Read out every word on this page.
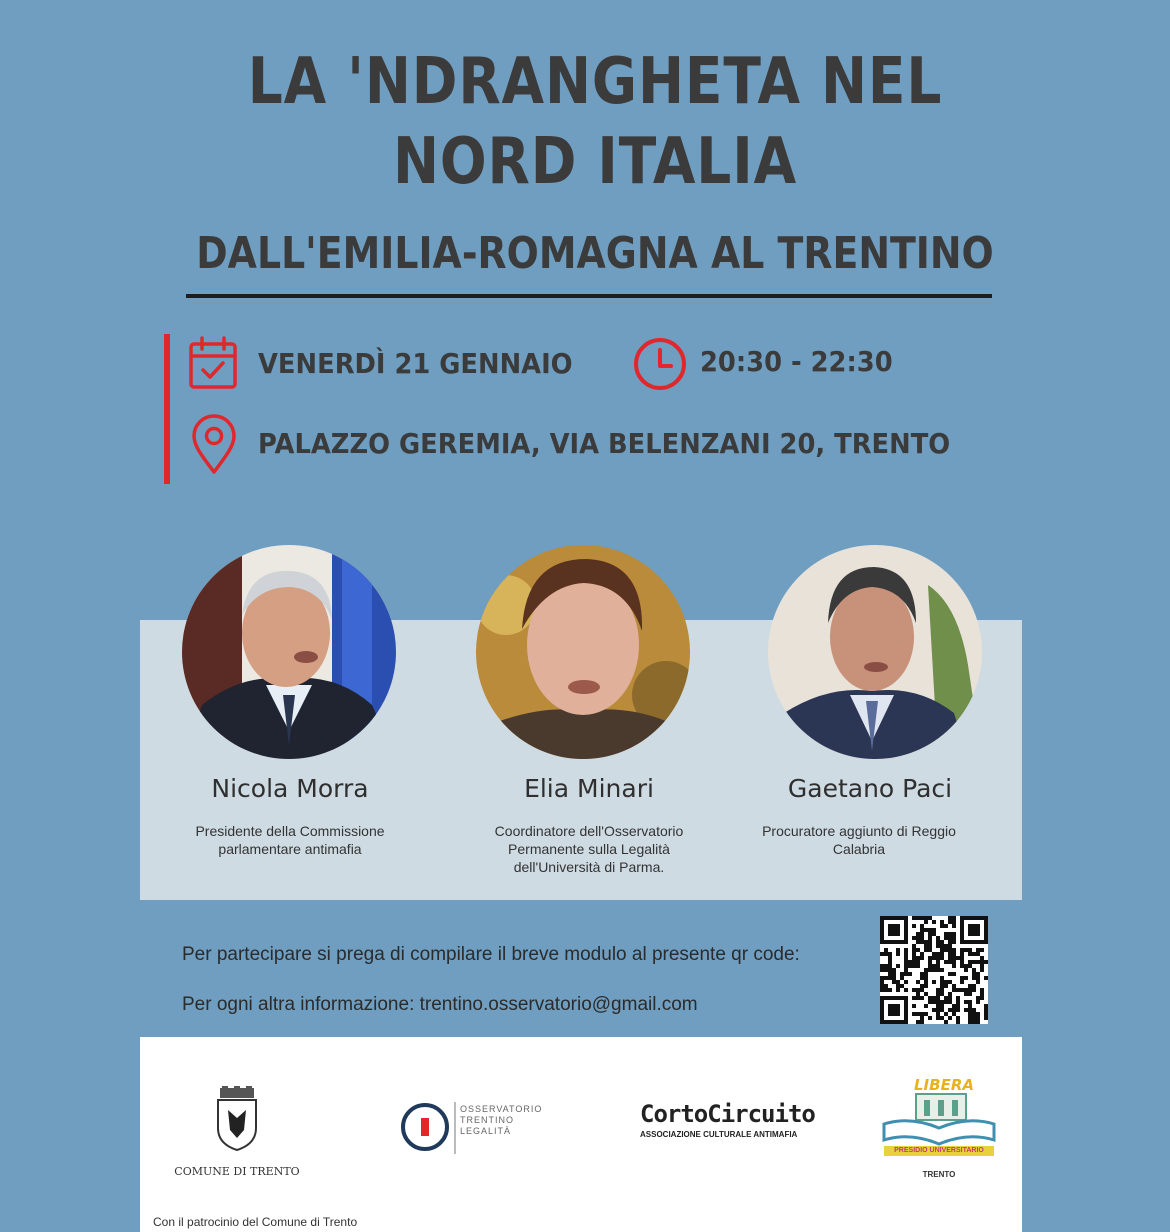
LA 'NDRANGHETA NEL
NORD ITALIA
DALL'EMILIA-ROMAGNA AL TRENTINO
VENERDÌ 21 GENNAIO	20:30 - 22:30
PALAZZO GEREMIA, VIA BELENZANI 20, TRENTO
Nicola Morra	Elia Minari	Gaetano Paci
Presidente della Commissione
parlamentare antimafia
Coordinatore dell'Osservatorio
Permanente sulla Legalità
dell'Università di Parma.
Procuratore aggiunto di Reggio
Calabria
Per partecipare si prega di compilare il breve modulo al presente qr code:
Per ogni altra informazione: trentino.osservatorio@gmail.com
COMUNE DI TRENTO
OSSERVATORIO
TRENTINO
LEGALITÀ
CortoCircuito
ASSOCIAZIONE CULTURALE ANTIMAFIA
LIBERA
PRESIDIO UNIVERSITARIO
TRENTO
Con il patrocinio del Comune di Trento
